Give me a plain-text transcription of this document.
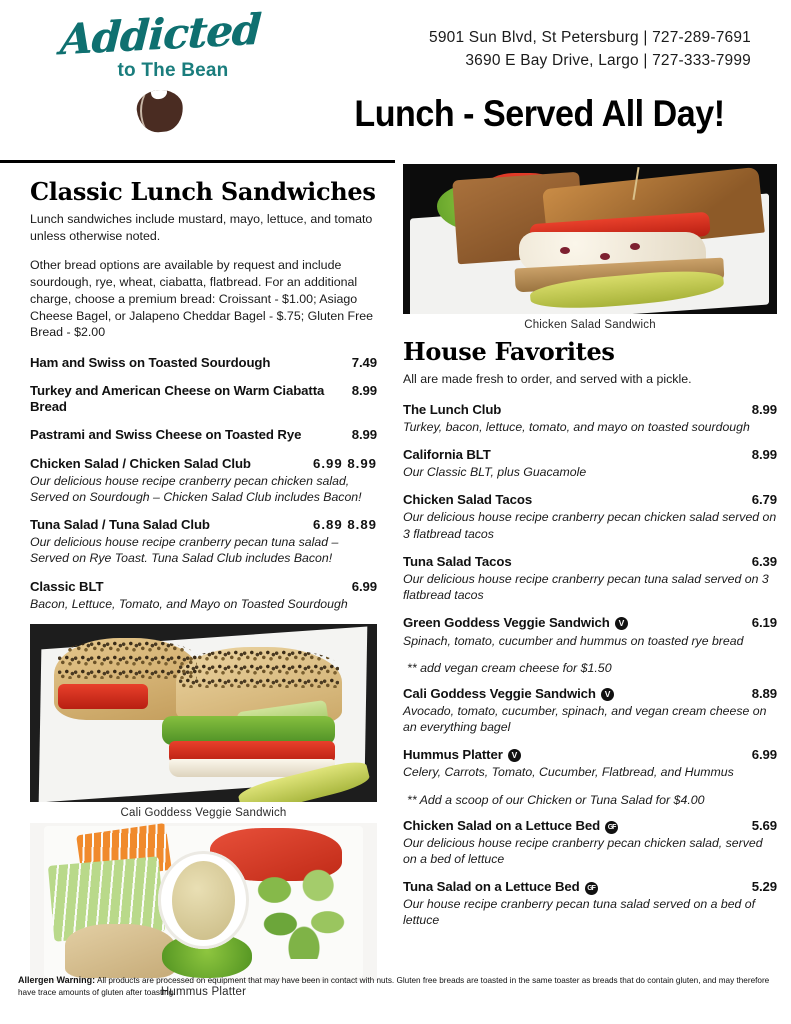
Addicted
to The Bean
5901 Sun Blvd, St Petersburg | 727-289-7691
3690 E Bay Drive, Largo | 727-333-7999
Lunch - Served All Day!
Classic Lunch Sandwiches
Lunch sandwiches include mustard, mayo, lettuce, and tomato unless otherwise noted.
Other bread options are available by request and include sourdough, rye, wheat, ciabatta, flatbread. For an additional charge, choose a premium bread: Croissant - $1.00; Asiago Cheese Bagel, or Jalapeno Cheddar Bagel - $.75; Gluten Free Bread - $2.00
Ham and Swiss on Toasted Sourdough	7.49
Turkey and American Cheese on Warm Ciabatta Bread
8.99
Pastrami and Swiss Cheese on Toasted Rye	8.99
Chicken Salad / Chicken Salad Club	6.99 8.99
Our delicious house recipe cranberry pecan chicken salad, Served on Sourdough – Chicken Salad Club includes Bacon!
Tuna Salad / Tuna Salad Club	6.89 8.89
Our delicious house recipe cranberry pecan tuna salad – Served on Rye Toast. Tuna Salad Club includes Bacon!
Classic BLT	6.99
Bacon, Lettuce, Tomato, and Mayo on Toasted Sourdough
Cali Goddess Veggie Sandwich
Hummus Platter
Chicken Salad Sandwich
House Favorites
All are made fresh to order, and served with a pickle.
The Lunch Club	8.99
Turkey, bacon, lettuce, tomato, and mayo on toasted sourdough
California BLT	8.99
Our Classic BLT, plus Guacamole
Chicken Salad Tacos	6.79
Our delicious house recipe cranberry pecan chicken salad served on 3 flatbread tacos
Tuna Salad Tacos	6.39
Our delicious house recipe cranberry pecan tuna salad served on 3 flatbread tacos
Green Goddess Veggie Sandwich V	6.19
Spinach, tomato, cucumber and hummus on toasted rye bread
** add vegan cream cheese for $1.50
Cali Goddess Veggie Sandwich V	8.89
Avocado, tomato, cucumber, spinach, and vegan cream cheese on an everything bagel
Hummus Platter V	6.99
Celery, Carrots, Tomato, Cucumber, Flatbread, and Hummus
** Add a scoop of our Chicken or Tuna Salad for $4.00
Chicken Salad on a Lettuce Bed GF	5.69
Our delicious house recipe cranberry pecan chicken salad, served on a bed of lettuce
Tuna Salad on a Lettuce Bed GF	5.29
Our house recipe cranberry pecan tuna salad served on a bed of lettuce
Allergen Warning: All products are processed on equipment that may have been in contact with nuts. Gluten free breads are toasted in the same toaster as breads that do contain gluten, and may therefore have trace amounts of gluten after toasting.
